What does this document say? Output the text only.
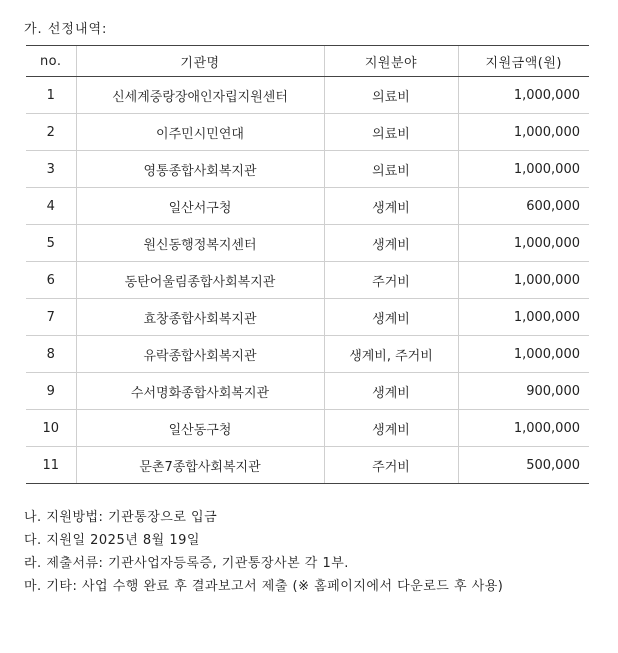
가. 선정내역:
no.	기관명	지원분야	지원금액(원)
1	신세계중랑장애인자립지원센터	의료비	1,000,000
2	이주민시민연대	의료비	1,000,000
3	영통종합사회복지관	의료비	1,000,000
4	일산서구청	생계비	600,000
5	원신동행정복지센터	생계비	1,000,000
6	동탄어울림종합사회복지관	주거비	1,000,000
7	효창종합사회복지관	생계비	1,000,000
8	유락종합사회복지관	생계비, 주거비	1,000,000
9	수서명화종합사회복지관	생계비	900,000
10	일산동구청	생계비	1,000,000
11	문촌7종합사회복지관	주거비	500,000
나. 지원방법: 기관통장으로 입금
다. 지원일 2025년 8월 19일
라. 제출서류: 기관사업자등록증, 기관통장사본 각 1부.
마. 기타: 사업 수행 완료 후 결과보고서 제출 (※ 홈페이지에서 다운로드 후 사용)
